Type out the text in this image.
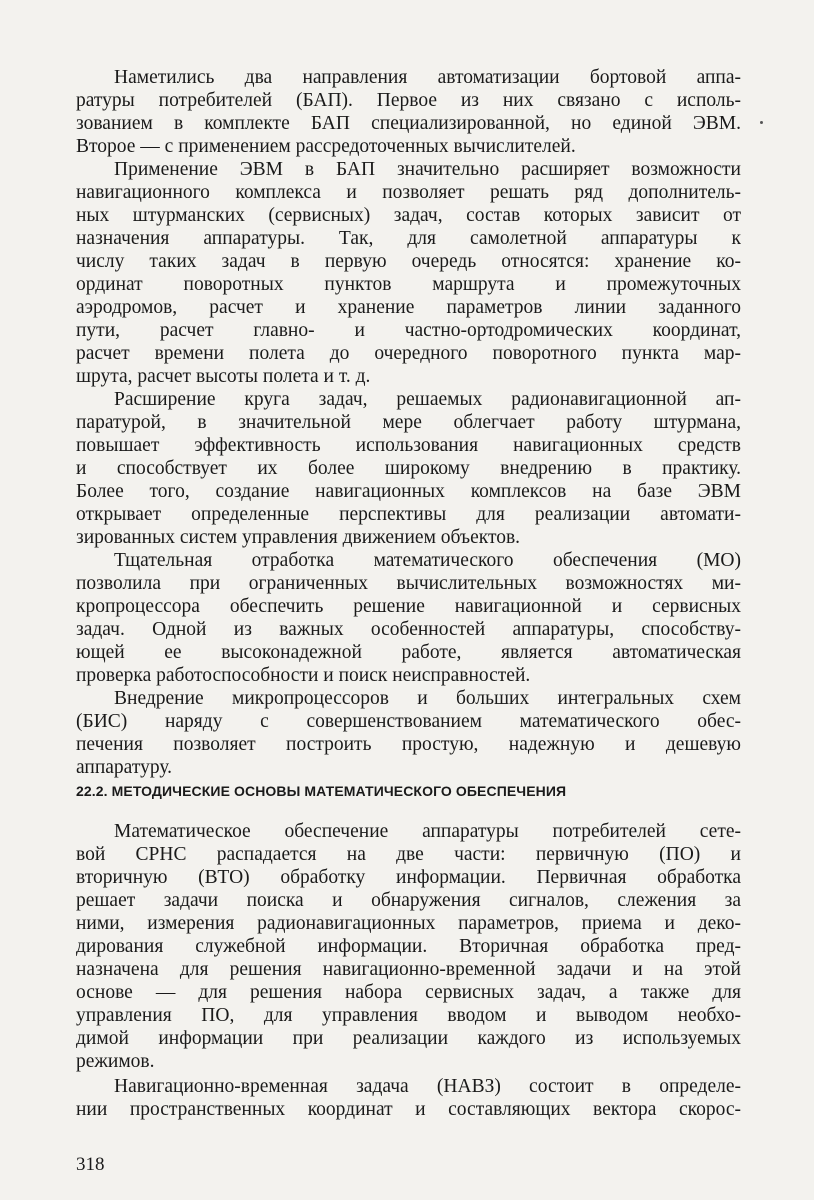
Наметились два направления автоматизации бортовой аппа-
ратуры потребителей (БАП). Первое из них связано с исполь-
зованием в комплекте БАП специализированной, но единой ЭВМ.
Второе — с применением рассредоточенных вычислителей.
Применение ЭВМ в БАП значительно расширяет возможности
навигационного комплекса и позволяет решать ряд дополнитель-
ных штурманских (сервисных) задач, состав которых зависит от
назначения аппаратуры. Так, для самолетной аппаратуры к
числу таких задач в первую очередь относятся: хранение ко-
ординат поворотных пунктов маршрута и промежуточных
аэродромов, расчет и хранение параметров линии заданного
пути, расчет главно- и частно-ортодромических координат,
расчет времени полета до очередного поворотного пункта мар-
шрута, расчет высоты полета и т. д.
Расширение круга задач, решаемых радионавигационной ап-
паратурой, в значительной мере облегчает работу штурмана,
повышает эффективность использования навигационных средств
и способствует их более широкому внедрению в практику.
Более того, создание навигационных комплексов на базе ЭВМ
открывает определенные перспективы для реализации автомати-
зированных систем управления движением объектов.
Тщательная отработка математического обеспечения (МО)
позволила при ограниченных вычислительных возможностях ми-
кропроцессора обеспечить решение навигационной и сервисных
задач. Одной из важных особенностей аппаратуры, способству-
ющей ее высоконадежной работе, является автоматическая
проверка работоспособности и поиск неисправностей.
Внедрение микропроцессоров и больших интегральных схем
(БИС) наряду с совершенствованием математического обес-
печения позволяет построить простую, надежную и дешевую
аппаратуру.
Математическое обеспечение аппаратуры потребителей сете-
вой СРНС распадается на две части: первичную (ПО) и
вторичную (ВТО) обработку информации. Первичная обработка
решает задачи поиска и обнаружения сигналов, слежения за
ними, измерения радионавигационных параметров, приема и деко-
дирования служебной информации. Вторичная обработка пред-
назначена для решения навигационно-временной задачи и на этой
основе — для решения набора сервисных задач, а также для
управления ПО, для управления вводом и выводом необхо-
димой информации при реализации каждого из используемых
режимов.
Навигационно-временная задача (НАВЗ) состоит в определе-
нии пространственных координат и составляющих вектора скорос-
22.2. МЕТОДИЧЕСКИЕ ОСНОВЫ МАТЕМАТИЧЕСКОГО ОБЕСПЕЧЕНИЯ
318
